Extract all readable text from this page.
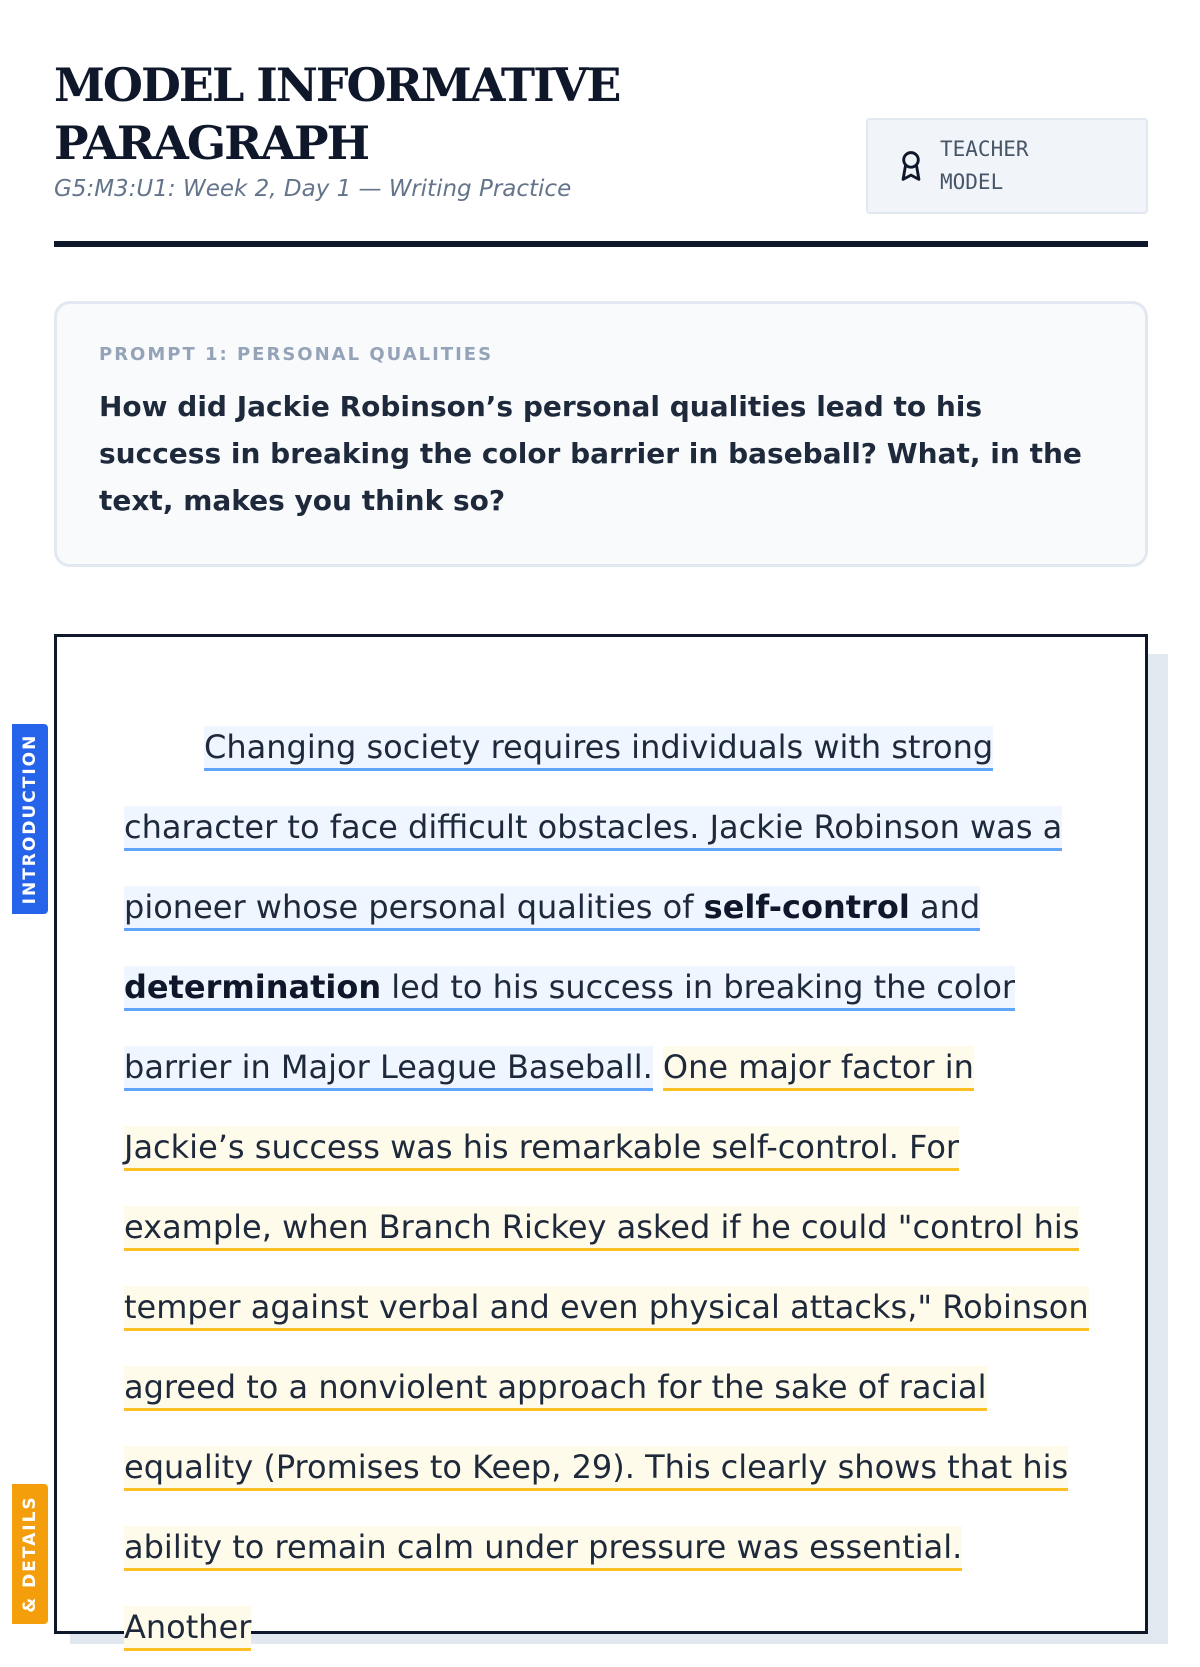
MODEL INFORMATIVE PARAGRAPH
G5:M3:U1: Week 2, Day 1 — Writing Practice
TEACHER MODEL
PROMPT 1: PERSONAL QUALITIES
How did Jackie Robinson’s personal qualities lead to his success in breaking the color barrier in baseball? What, in the text, makes you think so?

Changing society requires individuals with strong character to face difficult obstacles. Jackie Robinson was a pioneer whose personal qualities of self-control and determination led to his success in breaking the color barrier in Major League Baseball. One major factor in Jackie’s success was his remarkable self-control. For example, when Branch Rickey asked if he could "control his temper against verbal and even physical attacks," Robinson agreed to a nonviolent approach for the sake of racial equality (Promises to Keep, 29). This clearly shows that his ability to remain calm under pressure was essential. Another

INTRODUCTION
& DETAILS
